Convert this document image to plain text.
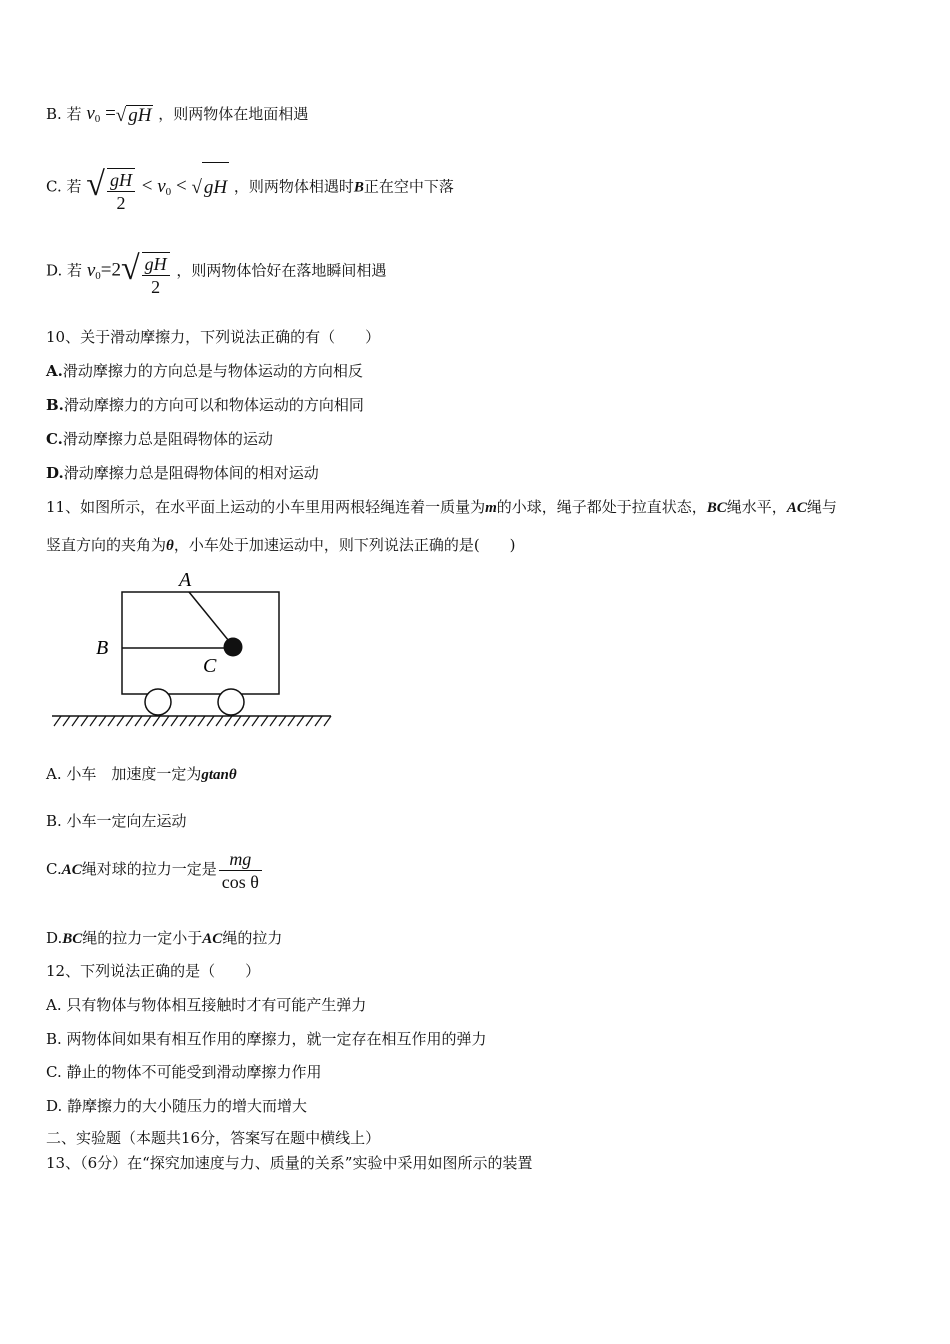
B. 若 $v_0$ =√ gH ，则两物体在地面相遇
C. 若 √ $\frac{gH}{2} < v_0$ < √ gH ，则两物体相遇时B正在空中下落
D. 若 $v_0=2√ \frac{gH}{2}$ ，则两物体恰好在落地瞬间相遇
10、关于滑动摩擦力，下列说法正确的有（　　）
A.滑动摩擦力的方向总是与物体运动的方向相反
B.滑动摩擦力的方向可以和物体运动的方向相同
C.滑动摩擦力总是阻碍物体的运动
D.滑动摩擦力总是阻碍物体间的相对运动
11、如图所示，在水平面上运动的小车里用两根轻绳连着一质量为m的小球，绳子都处于拉直状态，BC绳水平，AC绳与
竖直方向的夹角为θ，小车处于加速运动中，则下列说法正确的是(　　)
A
B
C
A. 小车　加速度一定为gtanθ
B. 小车一定向左运动
C.AC绳对球的拉力一定是 $\frac{mg}{\text{cos θ}}$
D.BC绳的拉力一定小于AC绳的拉力
12、下列说法正确的是（　　）
A. 只有物体与物体相互接触时才有可能产生弹力
B. 两物体间如果有相互作用的摩擦力，就一定存在相互作用的弹力
C. 静止的物体不可能受到滑动摩擦力作用
D. 静摩擦力的大小随压力的增大而增大
二、实验题（本题共16分，答案写在题中横线上）
13、（6分）在“探究加速度与力、质量的关系”实验中采用如图所示的装置
